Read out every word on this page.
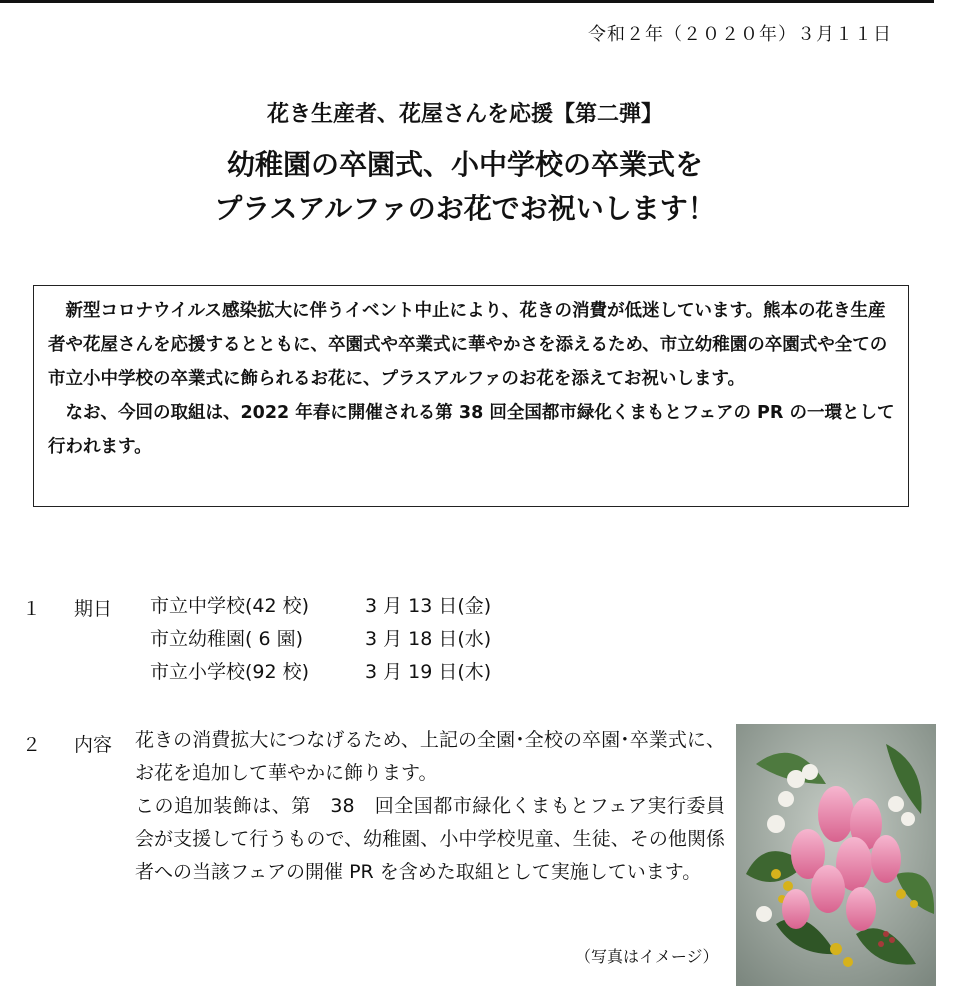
令和２年（２０２０年）３月１１日
花き生産者、花屋さんを応援【第二弾】
幼稚園の卒園式、小中学校の卒業式を
プラスアルファのお花でお祝いします！

新型コロナウイルス感染拡大に伴うイベント中止により、花きの消費が低迷しています。熊本の花き生産者や花屋さんを応援するとともに、卒園式や卒業式に華やかさを添えるため、市立幼稚園の卒園式や全ての市立小中学校の卒業式に飾られるお花に、プラスアルファのお花を添えてお祝いします。

なお、今回の取組は、2022 年春に開催される第 38 回全国都市緑化くまもとフェアの PR の一環として行われます。

１ 期日 市立中学校(42 校)	3 月 13 日(金)
市立幼稚園( 6 園)	3 月 18 日(水)
市立小学校(92 校)	3 月 19 日(木)
２ 内容 花きの消費拡大につなげるため、上記の全園･全校の卒園･卒業式に、お花を追加して華やかに飾ります。

この追加装飾は、第　38　回全国都市緑化くまもとフェア実行委員会が支援して行うもので、幼稚園、小中学校児童、生徒、その他関係者への当該フェアの開催 PR を含めた取組として実施しています。

（写真はイメージ）
